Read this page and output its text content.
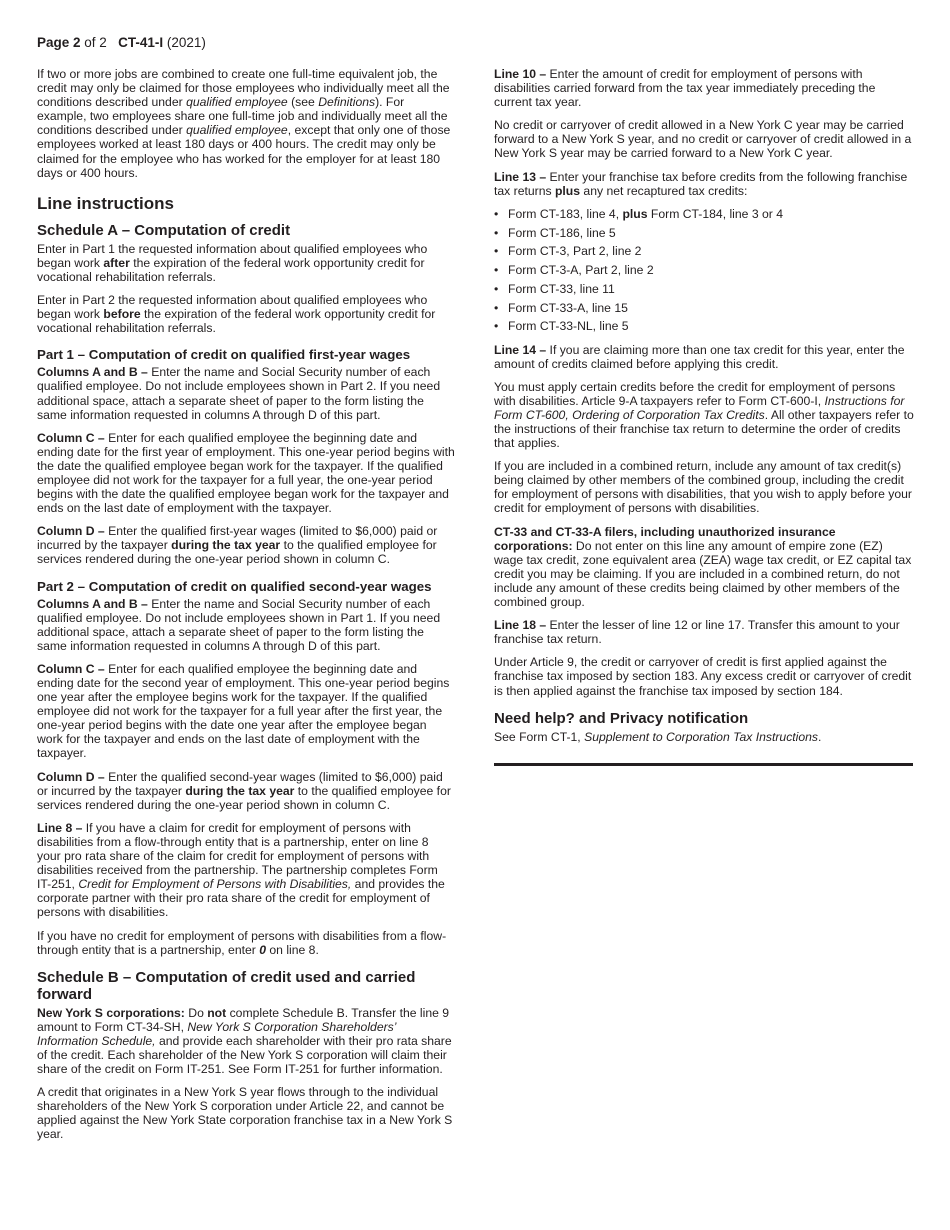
Page 2 of 2 CT-41-I (2021)

If two or more jobs are combined to create one full-time equivalent job, the credit may only be claimed for those employees who individually meet all the conditions described under qualified employee (see Definitions). For example, two employees share one full-time job and individually meet all the conditions described under qualified employee, except that only one of those employees worked at least 180 days or 400 hours. The credit may only be claimed for the employee who has worked for the employer for at least 180 days or 400 hours.

Line instructions
Schedule A – Computation of credit

Enter in Part 1 the requested information about qualified employees who began work after the expiration of the federal work opportunity credit for vocational rehabilitation referrals.

Enter in Part 2 the requested information about qualified employees who began work before the expiration of the federal work opportunity credit for vocational rehabilitation referrals.

Part 1 – Computation of credit on qualified first-year wages

Columns A and B – Enter the name and Social Security number of each qualified employee. Do not include employees shown in Part 2. If you need additional space, attach a separate sheet of paper to the form listing the same information requested in columns A through D of this part.

Column C – Enter for each qualified employee the beginning date and ending date for the first year of employment. This one-year period begins with the date the qualified employee began work for the taxpayer. If the qualified employee did not work for the taxpayer for a full year, the one-year period begins with the date the qualified employee began work for the taxpayer and ends on the last date of employment with the taxpayer.

Column D – Enter the qualified first-year wages (limited to $6,000) paid or incurred by the taxpayer during the tax year to the qualified employee for services rendered during the one-year period shown in column C.

Part 2 – Computation of credit on qualified second-year wages

Columns A and B – Enter the name and Social Security number of each qualified employee. Do not include employees shown in Part 1. If you need additional space, attach a separate sheet of paper to the form listing the same information requested in columns A through D of this part.

Column C – Enter for each qualified employee the beginning date and ending date for the second year of employment. This one-year period begins one year after the employee begins work for the taxpayer. If the qualified employee did not work for the taxpayer for a full year after the first year, the one-year period begins with the date one year after the employee began work for the taxpayer and ends on the last date of employment with the taxpayer.

Column D – Enter the qualified second-year wages (limited to $6,000) paid or incurred by the taxpayer during the tax year to the qualified employee for services rendered during the one-year period shown in column C.

Line 8 – If you have a claim for credit for employment of persons with disabilities from a flow-through entity that is a partnership, enter on line 8 your pro rata share of the claim for credit for employment of persons with disabilities received from the partnership. The partnership completes Form IT-251, Credit for Employment of Persons with Disabilities, and provides the corporate partner with their pro rata share of the credit for employment of persons with disabilities.

If you have no credit for employment of persons with disabilities from a flow-through entity that is a partnership, enter 0 on line 8.

Schedule B – Computation of credit used and carried forward

New York S corporations: Do not complete Schedule B. Transfer the line 9 amount to Form CT-34-SH, New York S Corporation Shareholders’ Information Schedule, and provide each shareholder with their pro rata share of the credit. Each shareholder of the New York S corporation will claim their share of the credit on Form IT-251. See Form IT-251 for further information.

A credit that originates in a New York S year flows through to the individual shareholders of the New York S corporation under Article 22, and cannot be applied against the New York State corporation franchise tax in a New York S year.

Line 10 – Enter the amount of credit for employment of persons with disabilities carried forward from the tax year immediately preceding the current tax year.

No credit or carryover of credit allowed in a New York C year may be carried forward to a New York S year, and no credit or carryover of credit allowed in a New York S year may be carried forward to a New York C year.

Line 13 – Enter your franchise tax before credits from the following franchise tax returns plus any net recaptured tax credits:

• Form CT-183, line 4, plus Form CT-184, line 3 or 4
• Form CT-186, line 5
• Form CT-3, Part 2, line 2
• Form CT-3-A, Part 2, line 2
• Form CT-33, line 11
• Form CT-33-A, line 15
• Form CT-33-NL, line 5

Line 14 – If you are claiming more than one tax credit for this year, enter the amount of credits claimed before applying this credit.

You must apply certain credits before the credit for employment of persons with disabilities. Article 9-A taxpayers refer to Form CT-600-I, Instructions for Form CT-600, Ordering of Corporation Tax Credits. All other taxpayers refer to the instructions of their franchise tax return to determine the order of credits that applies.

If you are included in a combined return, include any amount of tax credit(s) being claimed by other members of the combined group, including the credit for employment of persons with disabilities, that you wish to apply before your credit for employment of persons with disabilities.

CT-33 and CT-33-A filers, including unauthorized insurance corporations: Do not enter on this line any amount of empire zone (EZ) wage tax credit, zone equivalent area (ZEA) wage tax credit, or EZ capital tax credit you may be claiming. If you are included in a combined return, do not include any amount of these credits being claimed by other members of the combined group.

Line 18 – Enter the lesser of line 12 or line 17. Transfer this amount to your franchise tax return.

Under Article 9, the credit or carryover of credit is first applied against the franchise tax imposed by section 183. Any excess credit or carryover of credit is then applied against the franchise tax imposed by section 184.

Need help? and Privacy notification

See Form CT-1, Supplement to Corporation Tax Instructions.
